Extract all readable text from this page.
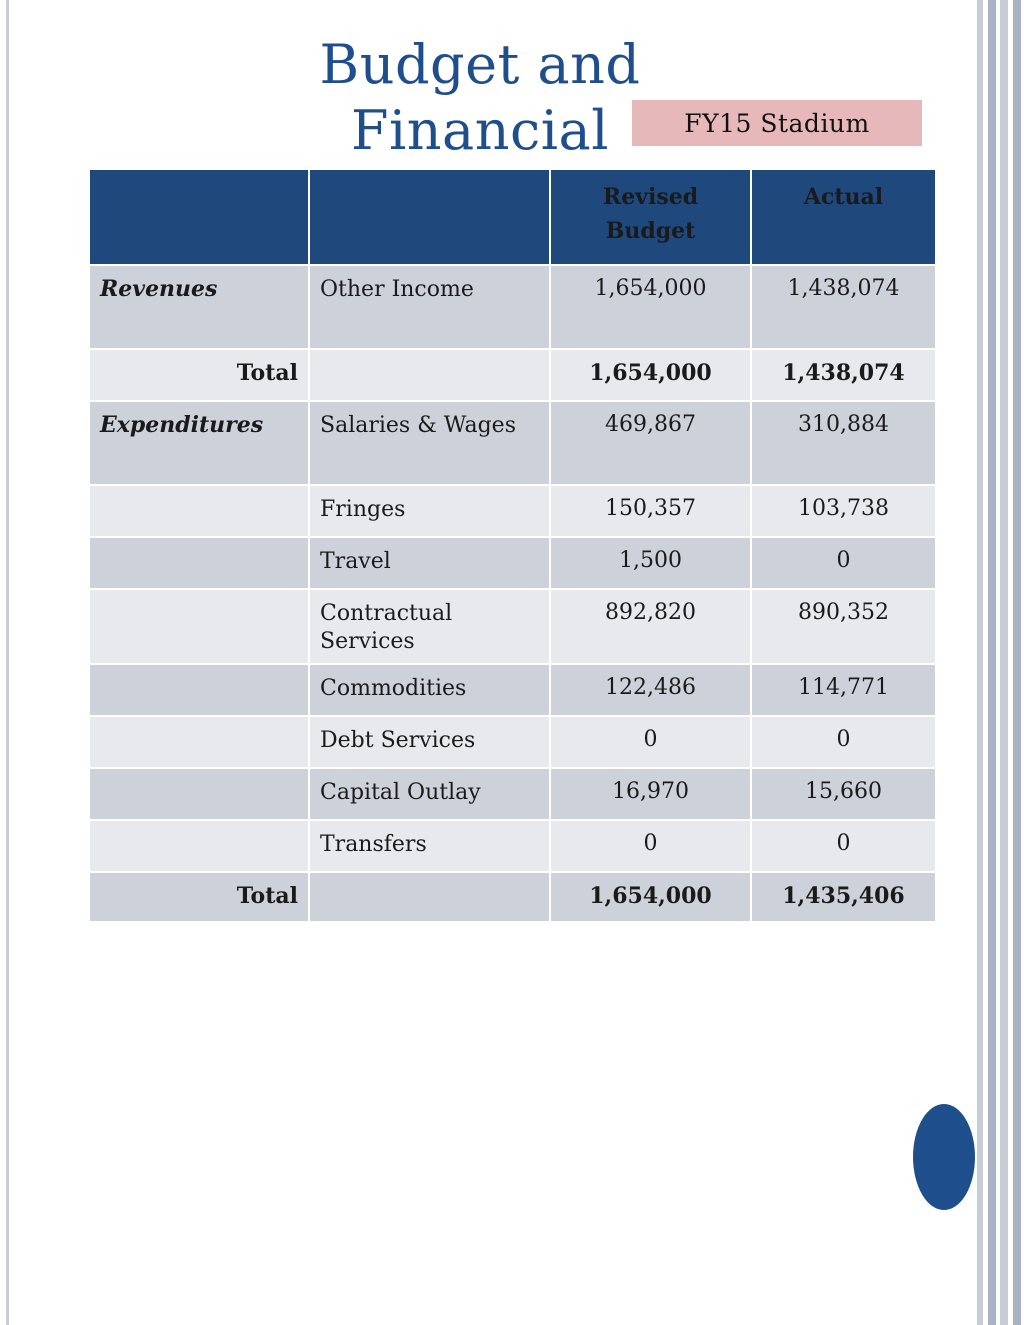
Budget and Financial	FY15 Stadium

		Revised Budget	Actual
Revenues	Other Income	1,654,000	1,438,074
Total		1,654,000	1,438,074
Expenditures	Salaries & Wages	469,867	310,884
	Fringes	150,357	103,738
	Travel	1,500	0

	Contractual Services	892,820	890,352
	Commodities	122,486	114,771
	Debt Services	0	0
	Capital Outlay	16,970	15,660
	Transfers	0	0
Total		1,654,000	1,435,406
